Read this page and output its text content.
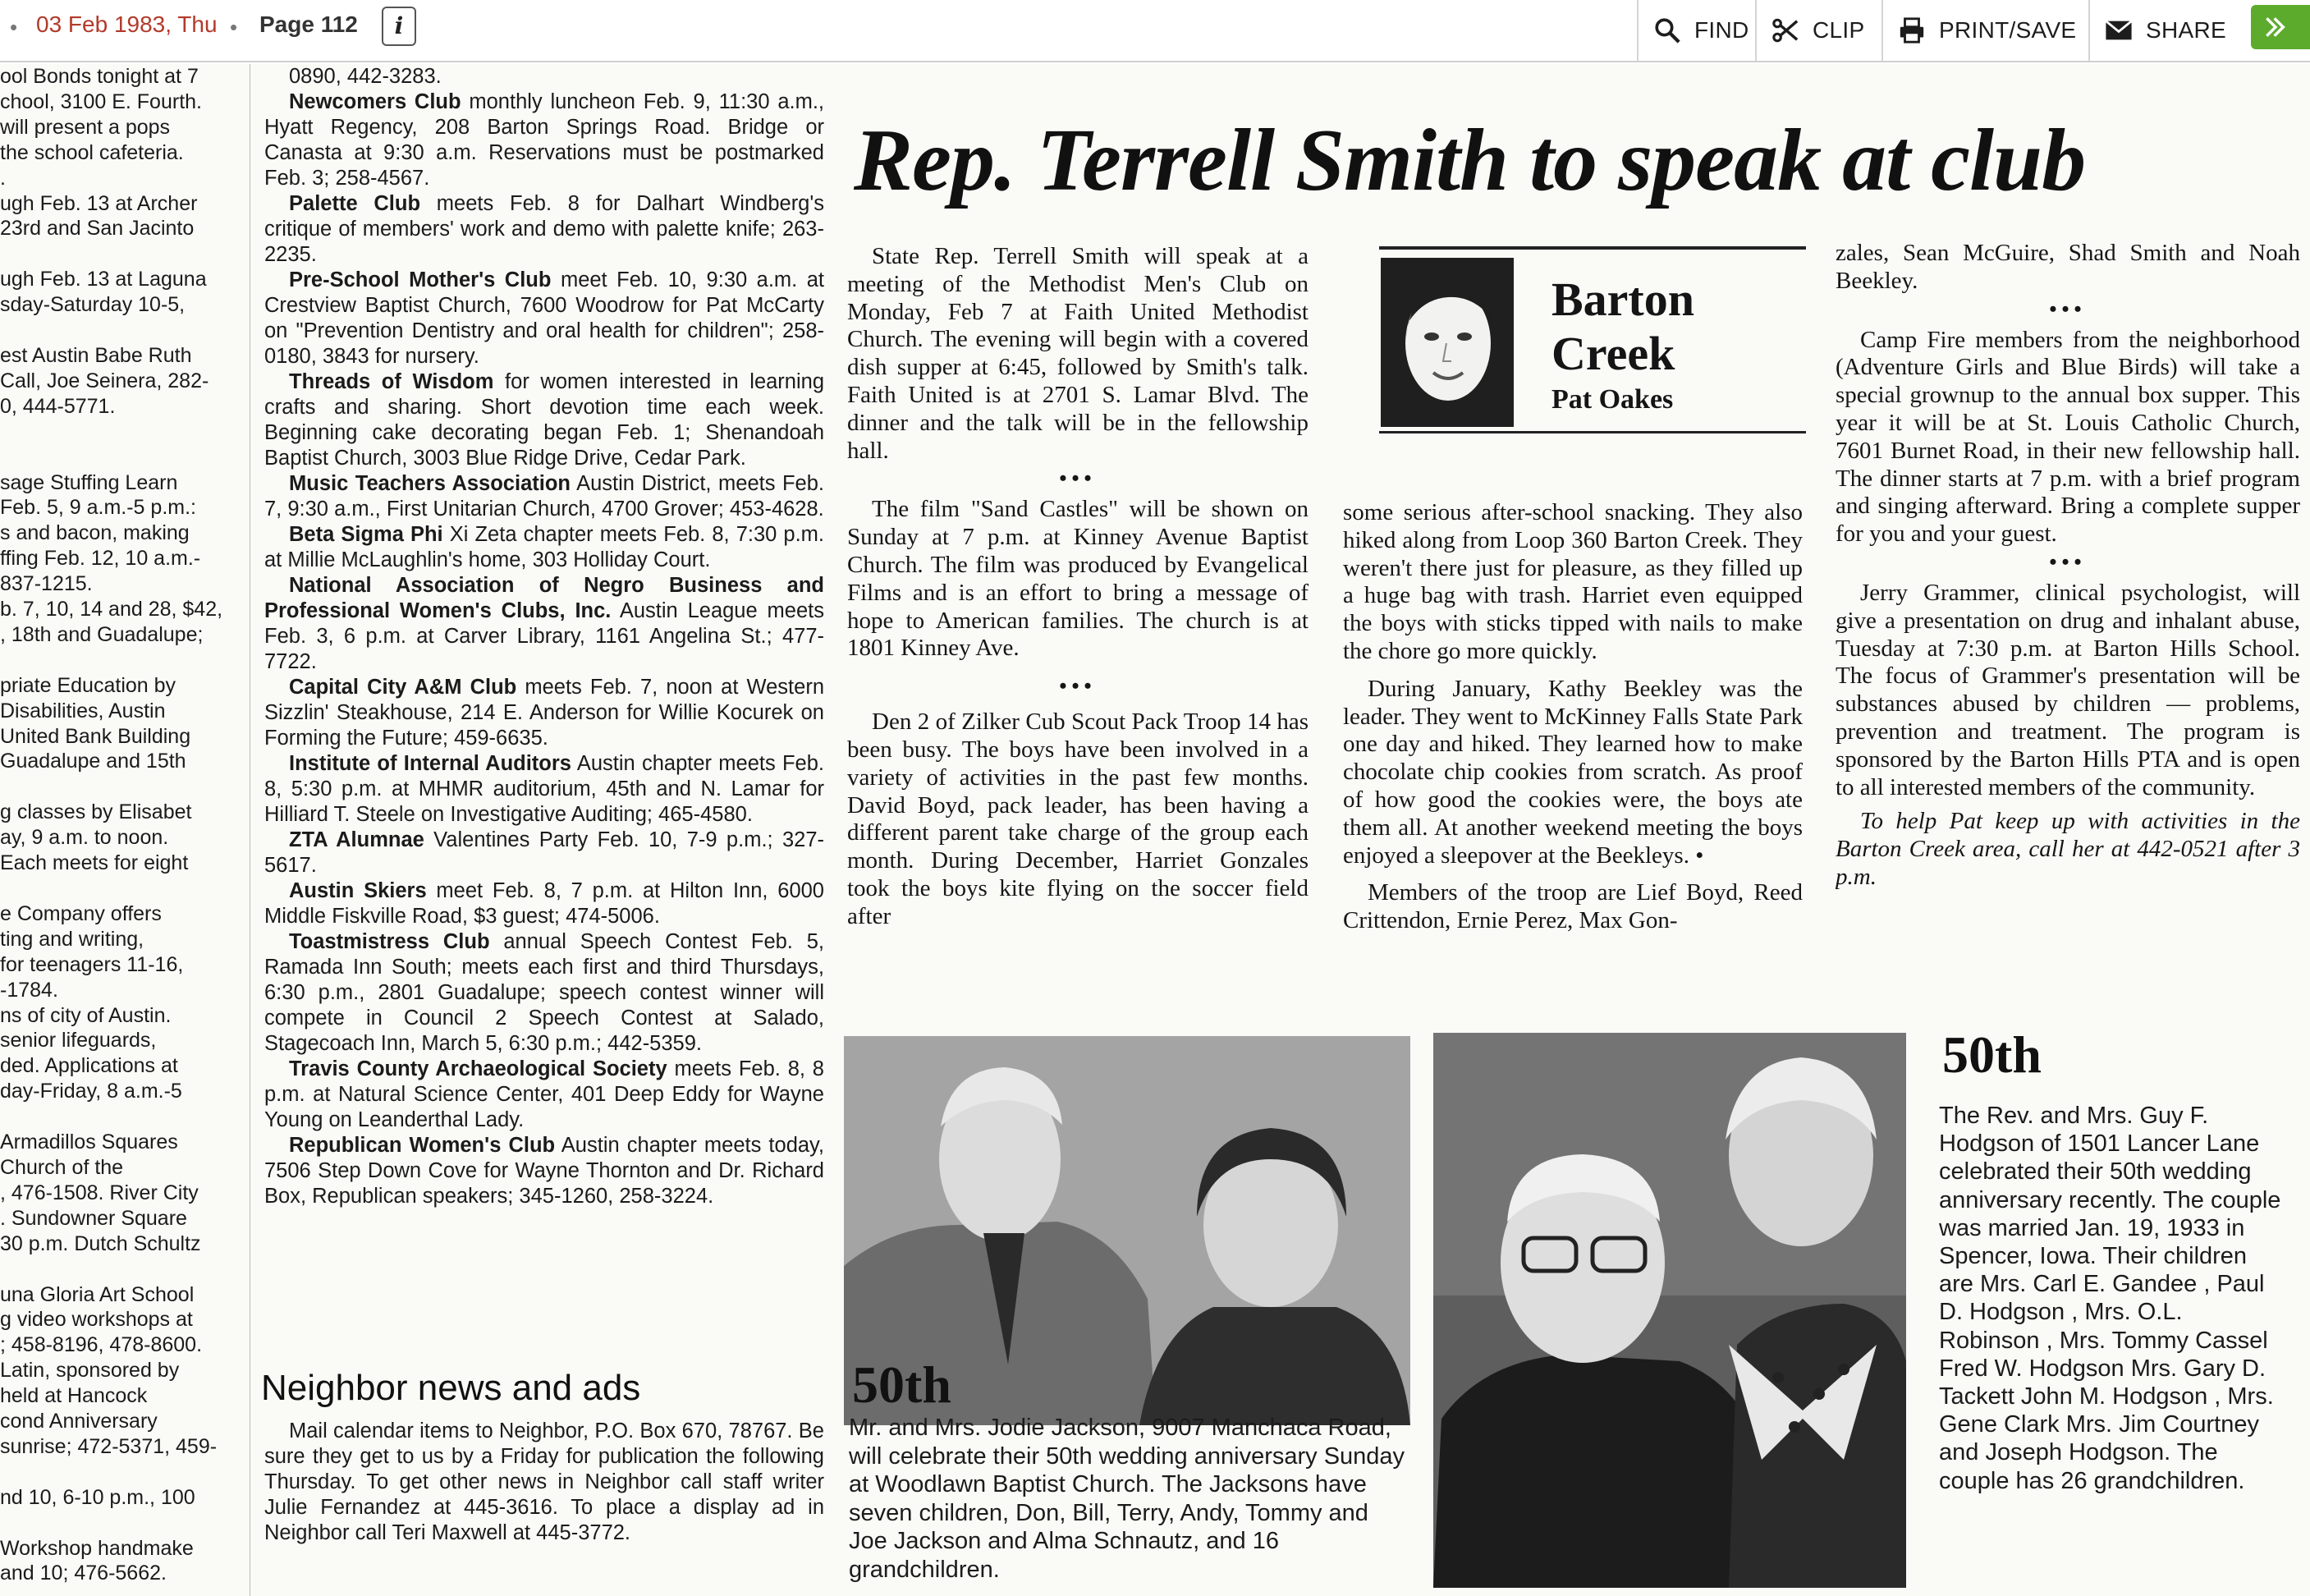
• 03 Feb 1983, Thu • Page 112	i	FIND	CLIP	PRINT/SAVE	SHARE
ool Bonds tonight at 7
chool, 3100 E. Fourth.
will present a pops
the school cafeteria.
.
ugh Feb. 13 at Archer
23rd and San Jacinto

ugh Feb. 13 at Laguna
sday-Saturday 10-5,

est Austin Babe Ruth
Call, Joe Seinera, 282-
0, 444-5771.

sage Stuffing Learn
Feb. 5, 9 a.m.-5 p.m.:
s and bacon, making
ffing Feb. 12, 10 a.m.-
837-1215.
b. 7, 10, 14 and 28, $42,
, 18th and Guadalupe;

priate Education by
Disabilities, Austin
United Bank Building
Guadalupe and 15th

g classes by Elisabet
ay, 9 a.m. to noon.
Each meets for eight

e Company offers
ting and writing,
for teenagers 11-16,
-1784.
ns of city of Austin.
senior lifeguards,
ded. Applications at
day-Friday, 8 a.m.-5

Armadillos Squares
Church of the
, 476-1508. River City
. Sundowner Square
30 p.m. Dutch Schultz

una Gloria Art School
g video workshops at
; 458-8196, 478-8600.
Latin, sponsored by
held at Hancock
cond Anniversary
sunrise; 472-5371, 459-

nd 10, 6-10 p.m., 100

Workshop handmake
and 10; 476-5662.

0890, 442-3283.

Newcomers Club monthly luncheon Feb. 9, 11:30 a.m., Hyatt Regency, 208 Barton Springs Road. Bridge or Canasta at 9:30 a.m. Reservations must be postmarked Feb. 3; 258-4567.

Palette Club meets Feb. 8 for Dalhart Windberg's critique of members' work and demo with palette knife; 263-2235.

Pre-School Mother's Club meet Feb. 10, 9:30 a.m. at Crestview Baptist Church, 7600 Woodrow for Pat McCarty on "Prevention Dentistry and oral health for children"; 258-0180, 3843 for nursery.

Threads of Wisdom for women interested in learning crafts and sharing. Short devotion time each week. Beginning cake decorating began Feb. 1; Shenandoah Baptist Church, 3003 Blue Ridge Drive, Cedar Park.

Music Teachers Association Austin District, meets Feb. 7, 9:30 a.m., First Unitarian Church, 4700 Grover; 453-4628.

Beta Sigma Phi Xi Zeta chapter meets Feb. 8, 7:30 p.m. at Millie McLaughlin's home, 303 Holliday Court.

National Association of Negro Business and Professional Women's Clubs, Inc. Austin League meets Feb. 3, 6 p.m. at Carver Library, 1161 Angelina St.; 477-7722.

Capital City A&M Club meets Feb. 7, noon at Western Sizzlin' Steakhouse, 214 E. Anderson for Willie Kocurek on Forming the Future; 459-6635.

Institute of Internal Auditors Austin chapter meets Feb. 8, 5:30 p.m. at MHMR auditorium, 45th and N. Lamar for Hilliard T. Steele on Investigative Auditing; 465-4580.

ZTA Alumnae Valentines Party Feb. 10, 7-9 p.m.; 327-5617.

Austin Skiers meet Feb. 8, 7 p.m. at Hilton Inn, 6000 Middle Fiskville Road, $3 guest; 474-5006.

Toastmistress Club annual Speech Contest Feb. 5, Ramada Inn South; meets each first and third Thursdays, 6:30 p.m., 2801 Guadalupe; speech contest winner will compete in Council 2 Speech Contest at Salado, Stagecoach Inn, March 5, 6:30 p.m.; 442-5359.

Travis County Archaeological Society meets Feb. 8, 8 p.m. at Natural Science Center, 401 Deep Eddy for Wayne Young on Leanderthal Lady.

Republican Women's Club Austin chapter meets today, 7506 Step Down Cove for Wayne Thornton and Dr. Richard Box, Republican speakers; 345-1260, 258-3224.

Neighbor news and ads
Mail calendar items to Neighbor, P.O. Box 670, 78767. Be sure they get to us by a Friday for publication the following Thursday. To get other news in Neighbor call staff writer Julie Fernandez at 445-3616. To place a display ad in Neighbor call Teri Maxwell at 445-3772.
Rep. Terrell Smith to speak at club

State Rep. Terrell Smith will speak at a meeting of the Methodist Men's Club on Monday, Feb 7 at Faith United Methodist Church. The evening will begin with a covered dish supper at 6:45, followed by Smith's talk. Faith United is at 2701 S. Lamar Blvd. The dinner and the talk will be in the fellowship hall.

•••

The film "Sand Castles" will be shown on Sunday at 7 p.m. at Kinney Avenue Baptist Church. The film was produced by Evangelical Films and is an effort to bring a message of hope to American families. The church is at 1801 Kinney Ave.

•••

Den 2 of Zilker Cub Scout Pack Troop 14 has been busy. The boys have been involved in a variety of activities in the past few months. David Boyd, pack leader, has been having a different parent take charge of the group each month. During December, Harriet Gonzales took the boys kite flying on the soccer field after

Barton Creek
Pat Oakes

some serious after-school snacking. They also hiked along from Loop 360 Barton Creek. They weren't there just for pleasure, as they filled up a huge bag with trash. Harriet even equipped the boys with sticks tipped with nails to make the chore go more quickly.

During January, Kathy Beekley was the leader. They went to McKinney Falls State Park one day and hiked. They learned how to make chocolate chip cookies from scratch. As proof of how good the cookies were, the boys ate them all. At another weekend meeting the boys enjoyed a sleepover at the Beekleys. •

Members of the troop are Lief Boyd, Reed Crittendon, Ernie Perez, Max Gon-

zales, Sean McGuire, Shad Smith and Noah Beekley.

•••

Camp Fire members from the neighborhood (Adventure Girls and Blue Birds) will take a special grownup to the annual box supper. This year it will be at St. Louis Catholic Church, 7601 Burnet Road, in their new fellowship hall. The dinner starts at 7 p.m. with a brief program and singing afterward. Bring a complete supper for you and your guest.

•••

Jerry Grammer, clinical psychologist, will give a presentation on drug and inhalant abuse, Tuesday at 7:30 p.m. at Barton Hills School. The focus of Grammer's presentation will be substances abused by children — problems, prevention and treatment. The program is sponsored by the Barton Hills PTA and is open to all interested members of the community.

To help Pat keep up with activities in the Barton Creek area, call her at 442-0521 after 3 p.m.

50th
Mr. and Mrs. Jodie Jackson, 9007 Manchaca Road, will celebrate their 50th wedding anniversary Sunday at Woodlawn Baptist Church. The Jacksons have seven children, Don, Bill, Terry, Andy, Tommy and Joe Jackson and Alma Schnautz, and 16 grandchildren.
50th
The Rev. and Mrs. Guy F. Hodgson of 1501 Lancer Lane celebrated their 50th wedding anniversary recently. The couple was married Jan. 19, 1933 in Spencer, Iowa. Their children are Mrs. Carl E. Gandee , Paul D. Hodgson , Mrs. O.L. Robinson , Mrs. Tommy Cassel Fred W. Hodgson Mrs. Gary D. Tackett John M. Hodgson , Mrs. Gene Clark Mrs. Jim Courtney and Joseph Hodgson. The couple has 26 grandchildren.
